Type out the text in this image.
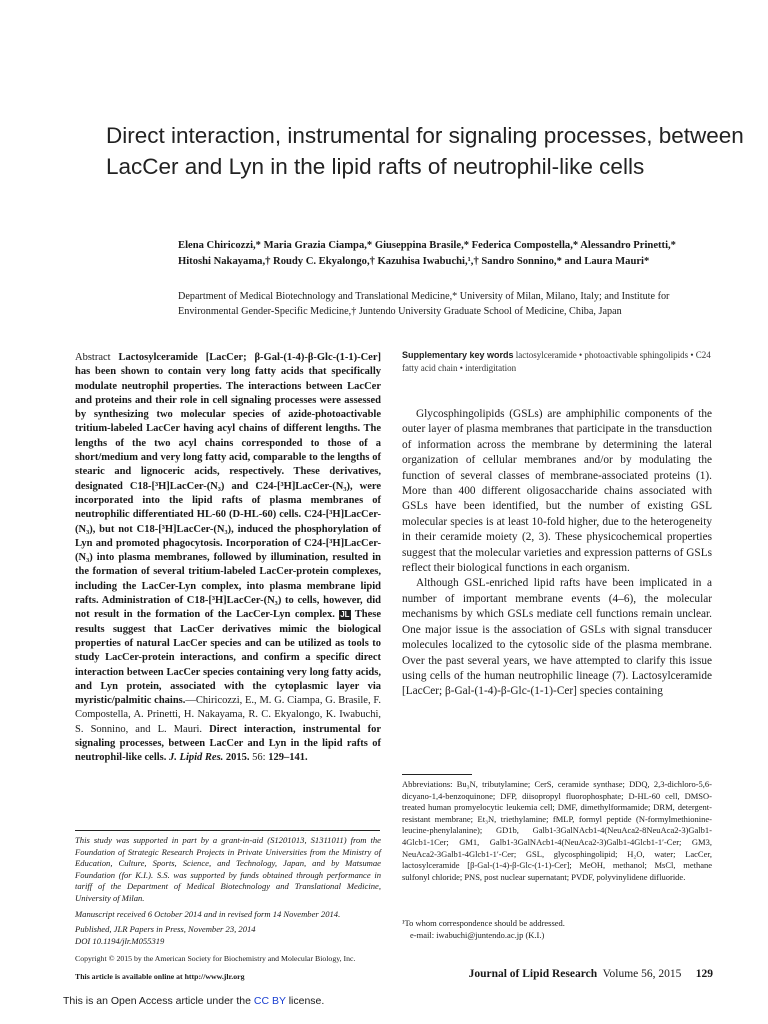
Direct interaction, instrumental for signaling processes, between LacCer and Lyn in the lipid rafts of neutrophil-like cells
Elena Chiricozzi,* Maria Grazia Ciampa,* Giuseppina Brasile,* Federica Compostella,* Alessandro Prinetti,* Hitoshi Nakayama,† Roudy C. Ekyalongo,† Kazuhisa Iwabuchi,¹,† Sandro Sonnino,* and Laura Mauri*
Department of Medical Biotechnology and Translational Medicine,* University of Milan, Milano, Italy; and Institute for Environmental Gender-Specific Medicine,† Juntendo University Graduate School of Medicine, Chiba, Japan
Abstract Lactosylceramide [LacCer; β-Gal-(1-4)-β-Glc-(1-1)-Cer] has been shown to contain very long fatty acids that specifically modulate neutrophil properties. The interactions between LacCer and proteins and their role in cell signaling processes were assessed by synthesizing two molecular species of azide-photoactivable tritium-labeled LacCer having acyl chains of different lengths. The lengths of the two acyl chains corresponded to those of a short/medium and very long fatty acid, comparable to the lengths of stearic and lignoceric acids, respectively. These derivatives, designated C18-[³H]LacCer-(N₃) and C24-[³H]LacCer-(N₃), were incorporated into the lipid rafts of plasma membranes of neutrophilic differentiated HL-60 (D-HL-60) cells. C24-[³H]LacCer-(N₃), but not C18-[³H]LacCer-(N₃), induced the phosphorylation of Lyn and promoted phagocytosis. Incorporation of C24-[³H]LacCer-(N₃) into plasma membranes, followed by illumination, resulted in the formation of several tritium-labeled LacCer-protein complexes, including the LacCer-Lyn complex, into plasma membrane lipid rafts. Administration of C18-[³H]LacCer-(N₃) to cells, however, did not result in the formation of the LacCer-Lyn complex. JL These results suggest that LacCer derivatives mimic the biological properties of natural LacCer species and can be utilized as tools to study LacCer-protein interactions, and confirm a specific direct interaction between LacCer species containing very long fatty acids, and Lyn protein, associated with the cytoplasmic layer via myristic/palmitic chains.—Chiricozzi, E., M. G. Ciampa, G. Brasile, F. Compostella, A. Prinetti, H. Nakayama, R. C. Ekyalongo, K. Iwabuchi, S. Sonnino, and L. Mauri. Direct interaction, instrumental for signaling processes, between LacCer and Lyn in the lipid rafts of neutrophil-like cells. J. Lipid Res. 2015. 56: 129–141.
Supplementary key words lactosylceramide • photoactivable sphingolipids • C24 fatty acid chain • interdigitation

Glycosphingolipids (GSLs) are amphiphilic components of the outer layer of plasma membranes that participate in the transduction of information across the membrane by determining the lateral organization of cellular membranes and/or by modulating the function of several classes of membrane-associated proteins (1). More than 400 different oligosaccharide chains associated with GSLs have been identified, but the number of existing GSL molecular species is at least 10-fold higher, due to the heterogeneity in their ceramide moiety (2, 3). These physicochemical properties suggest that the molecular varieties and expression patterns of GSLs reflect their biological functions in each organism.

Although GSL-enriched lipid rafts have been implicated in a number of important membrane events (4–6), the molecular mechanisms by which GSLs mediate cell functions remain unclear. One major issue is the association of GSLs with signal transducer molecules localized to the cytosolic side of the plasma membrane. Over the past several years, we have attempted to clarify this issue using cells of the human neutrophilic lineage (7). Lactosylceramide [LacCer; β-Gal-(1-4)-β-Glc-(1-1)-Cer] species containing

Abbreviations: Bu₃N, tributylamine; CerS, ceramide synthase; DDQ, 2,3-dichloro-5,6-dicyano-1,4-benzoquinone; DFP, diisopropyl fluorophosphate; D-HL-60 cell, DMSO-treated human promyelocytic leukemia cell; DMF, dimethylformamide; DRM, detergent-resistant membrane; Et₃N, triethylamine; fMLP, formyl peptide (N-formylmethionine-leucine-phenylalanine); GD1b, Galb1-3GalNAcb1-4(NeuAca2-8NeuAca2-3)Galb1-4Glcb1-1Cer; GM1, Galb1-3GalNAcb1-4(NeuAca2-3)Galb1-4Glcb1-1′-Cer; GM3, NeuAca2-3Galb1-4Glcb1-1′-Cer; GSL, glycosphingolipid; H₂O, water; LacCer, lactosylceramide [β-Gal-(1-4)-β-Glc-(1-1)-Cer]; MeOH, methanol; MsCl, methane sulfonyl chloride; PNS, post nuclear supernatant; PVDF, polyvinylidene difluoride.
¹To whom correspondence should be addressed.
e-mail: iwabuchi@juntendo.ac.jp (K.I.)

This study was supported in part by a grant-in-aid (S1201013, S1311011) from the Foundation of Strategic Research Projects in Private Universities from the Ministry of Education, Culture, Sports, Science, and Technology, Japan, and by Matsumae Foundation (for K.I.). S.S. was supported by funds obtained through performance in tariff of the Department of Medical Biotechnology and Translational Medicine, University of Milan.

Manuscript received 6 October 2014 and in revised form 14 November 2014.

Published, JLR Papers in Press, November 23, 2014

DOI 10.1194/jlr.M055319

Copyright © 2015 by the American Society for Biochemistry and Molecular Biology, Inc.
This article is available online at http://www.jlr.org	Journal of Lipid Research Volume 56, 2015 129
This is an Open Access article under the CC BY license.
